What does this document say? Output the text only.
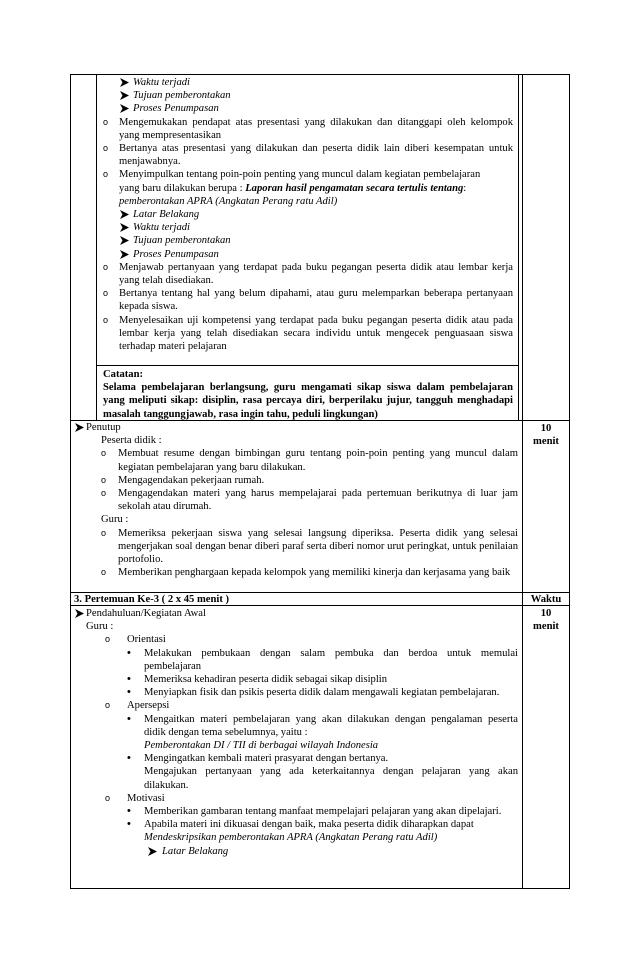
Waktu terjadi
Tujuan pemberontakan
Proses Penumpasan
o Mengemukakan pendapat atas presentasi yang dilakukan dan ditanggapi oleh kelompok yang mempresentasikan
o Bertanya atas presentasi yang dilakukan dan peserta didik lain diberi kesempatan untuk menjawabnya.
o Menyimpulkan tentang poin-poin penting yang muncul dalam kegiatan pembelajaran
yang baru dilakukan berupa : Laporan hasil pengamatan secara tertulis tentang:
pemberontakan APRA (Angkatan Perang ratu Adil)
Latar Belakang
Waktu terjadi
Tujuan pemberontakan
Proses Penumpasan
o Menjawab pertanyaan yang terdapat pada buku pegangan peserta didik atau lembar kerja yang telah disediakan.
o Bertanya tentang hal yang belum dipahami, atau guru melemparkan beberapa pertanyaan kepada siswa.
o Menyelesaikan uji kompetensi yang terdapat pada buku pegangan peserta didik atau pada lembar kerja yang telah disediakan secara individu untuk mengecek penguasaan siswa terhadap materi pelajaran
Catatan:
Selama pembelajaran berlangsung, guru mengamati sikap siswa dalam pembelajaran yang meliputi sikap: disiplin, rasa percaya diri, berperilaku jujur, tangguh menghadapi masalah tanggungjawab, rasa ingin tahu, peduli lingkungan)
Penutup
Peserta didik :
o Membuat resume dengan bimbingan guru tentang poin-poin penting yang muncul dalam kegiatan pembelajaran yang baru dilakukan.
o Mengagendakan pekerjaan rumah.
o Mengagendakan materi yang harus mempelajarai pada pertemuan berikutnya di luar jam sekolah atau dirumah.
Guru :
o Memeriksa pekerjaan siswa yang selesai langsung diperiksa. Peserta didik yang selesai mengerjakan soal dengan benar diberi paraf serta diberi nomor urut peringkat, untuk penilaian portofolio.
o Memberikan penghargaan kepada kelompok yang memiliki kinerja dan kerjasama yang baik
10
menit
3. Pertemuan Ke-3 ( 2 x 45 menit )	Waktu
Pendahuluan/Kegiatan Awal
Guru :
o Orientasi
• Melakukan pembukaan dengan salam pembuka dan berdoa untuk memulai pembelajaran
• Memeriksa kehadiran peserta didik sebagai sikap disiplin
• Menyiapkan fisik dan psikis peserta didik dalam mengawali kegiatan pembelajaran.
o Apersepsi
• Mengaitkan materi pembelajaran yang akan dilakukan dengan pengalaman peserta didik dengan tema sebelumnya, yaitu :
Pemberontakan DI / TII di berbagai wilayah Indonesia
• Mengingatkan kembali materi prasyarat dengan bertanya.
Mengajukan pertanyaan yang ada keterkaitannya dengan pelajaran yang akan dilakukan.
o Motivasi
• Memberikan gambaran tentang manfaat mempelajari pelajaran yang akan dipelajari.
• Apabila materi ini dikuasai dengan baik, maka peserta didik diharapkan dapat
Mendeskripsikan pemberontakan APRA (Angkatan Perang ratu Adil)
Latar Belakang
10
menit
